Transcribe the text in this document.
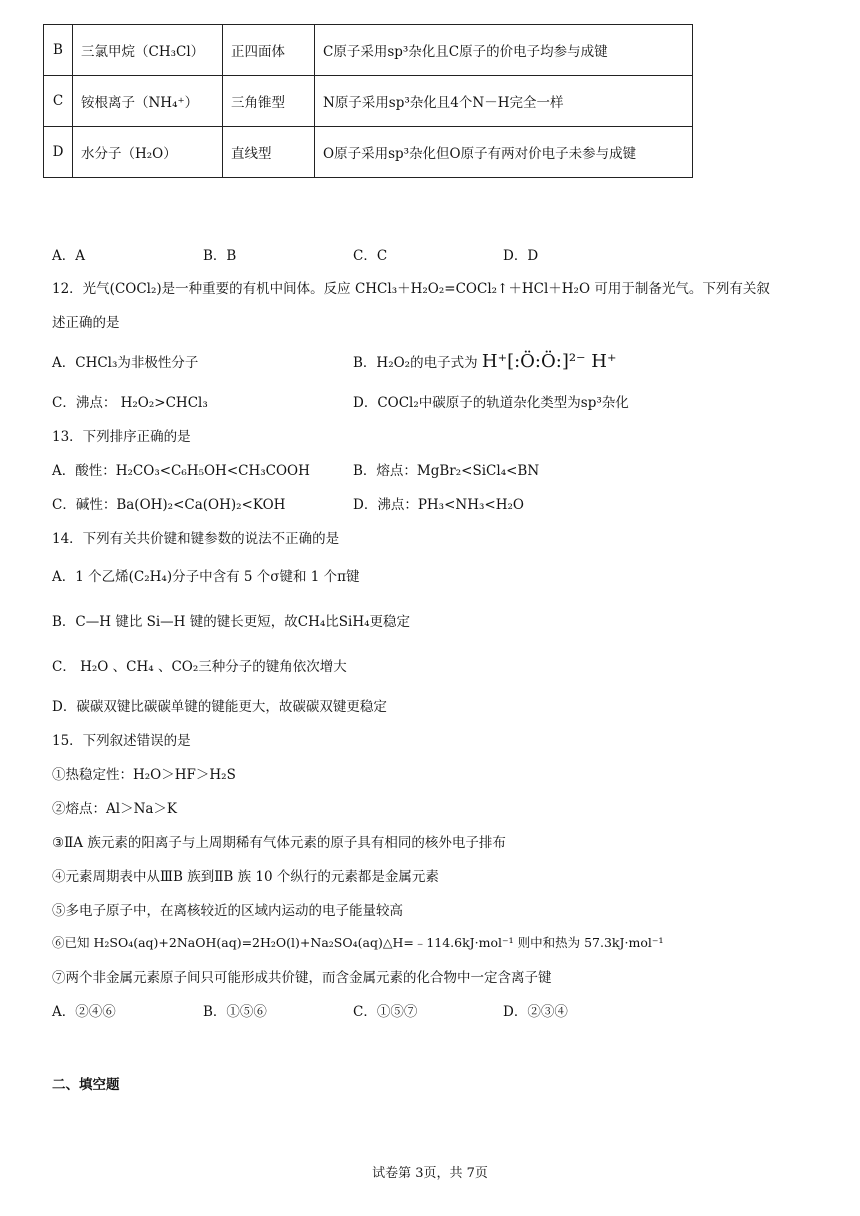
B	三氯甲烷（CH₃Cl）	正四面体	C原子采用sp³杂化且C原子的价电子均参与成键
C	铵根离子（NH₄⁺）	三角锥型	N原子采用sp³杂化且4个N－H完全一样
D	水分子（H₂O）	直线型	O原子采用sp³杂化但O原子有两对价电子未参与成键
A．A	B．B	C．C	D．D
12．光气(COCl₂)是一种重要的有机中间体。反应 CHCl₃＋H₂O₂=COCl₂↑＋HCl＋H₂O 可用于制备光气。下列有关叙
述正确的是
A．CHCl₃为非极性分子	B．H₂O₂的电子式为 H⁺[:Ö:Ö:]²⁻ H⁺
C．沸点： H₂O₂>CHCl₃	D．COCl₂中碳原子的轨道杂化类型为sp³杂化
13．下列排序正确的是
A．酸性：H₂CO₃<C₆H₅OH<CH₃COOH	B．熔点：MgBr₂<SiCl₄<BN
C．碱性：Ba(OH)₂<Ca(OH)₂<KOH	D．沸点：PH₃<NH₃<H₂O
14．下列有关共价键和键参数的说法不正确的是
A．1 个乙烯(C₂H₄)分子中含有 5 个σ键和 1 个π键
B．C—H 键比 Si—H 键的键长更短，故CH₄比SiH₄更稳定
C． H₂O 、CH₄ 、CO₂三种分子的键角依次增大
D．碳碳双键比碳碳单键的键能更大，故碳碳双键更稳定
15．下列叙述错误的是
①热稳定性：H₂O＞HF＞H₂S
②熔点：Al＞Na＞K
③ⅡA 族元素的阳离子与上周期稀有气体元素的原子具有相同的核外电子排布
④元素周期表中从ⅢB 族到ⅡB 族 10 个纵行的元素都是金属元素
⑤多电子原子中，在离核较近的区域内运动的电子能量较高
⑥已知 H₂SO₄(aq)+2NaOH(aq)=2H₂O(l)+Na₂SO₄(aq)△H=﹣114.6kJ·mol⁻¹ 则中和热为 57.3kJ·mol⁻¹
⑦两个非金属元素原子间只可能形成共价键，而含金属元素的化合物中一定含离子键
A．②④⑥	B．①⑤⑥	C．①⑤⑦	D．②③④
二、填空题
试卷第 3页，共 7页
